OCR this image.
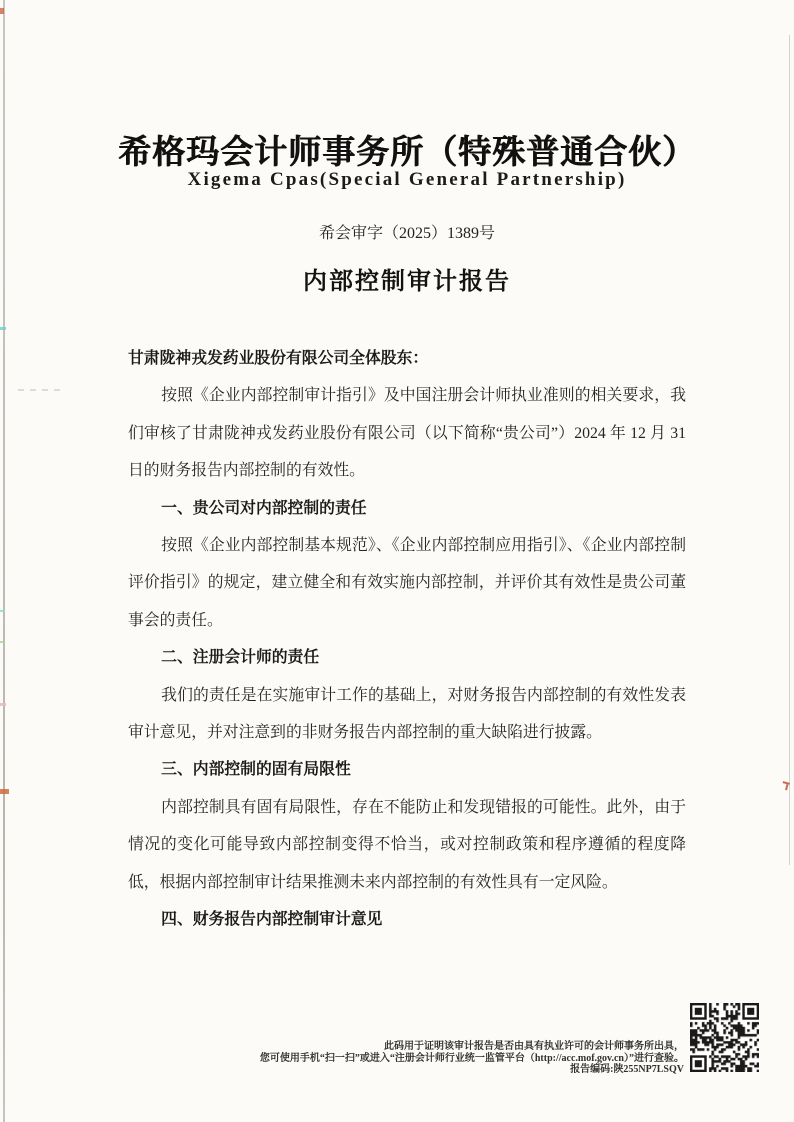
希格玛会计师事务所（特殊普通合伙）
Xigema Cpas(Special General Partnership)
希会审字（2025）1389号
内部控制审计报告

甘肃陇神戎发药业股份有限公司全体股东：

按照《企业内部控制审计指引》及中国注册会计师执业准则的相关要求，我们审核了甘肃陇神戎发药业股份有限公司（以下简称“贵公司”）2024 年 12 月 31 日的财务报告内部控制的有效性。

一、贵公司对内部控制的责任

按照《企业内部控制基本规范》、《企业内部控制应用指引》、《企业内部控制评价指引》的规定，建立健全和有效实施内部控制，并评价其有效性是贵公司董事会的责任。

二、注册会计师的责任

我们的责任是在实施审计工作的基础上，对财务报告内部控制的有效性发表审计意见，并对注意到的非财务报告内部控制的重大缺陷进行披露。

三、内部控制的固有局限性

内部控制具有固有局限性，存在不能防止和发现错报的可能性。此外，由于情况的变化可能导致内部控制变得不恰当，或对控制政策和程序遵循的程度降低，根据内部控制审计结果推测未来内部控制的有效性具有一定风险。

四、财务报告内部控制审计意见

此码用于证明该审计报告是否由具有执业许可的会计师事务所出具，
您可使用手机“扫一扫”或进入“注册会计师行业统一监管平台（http://acc.mof.gov.cn）”进行查验。
报告编码:陕255NP7LSQV
